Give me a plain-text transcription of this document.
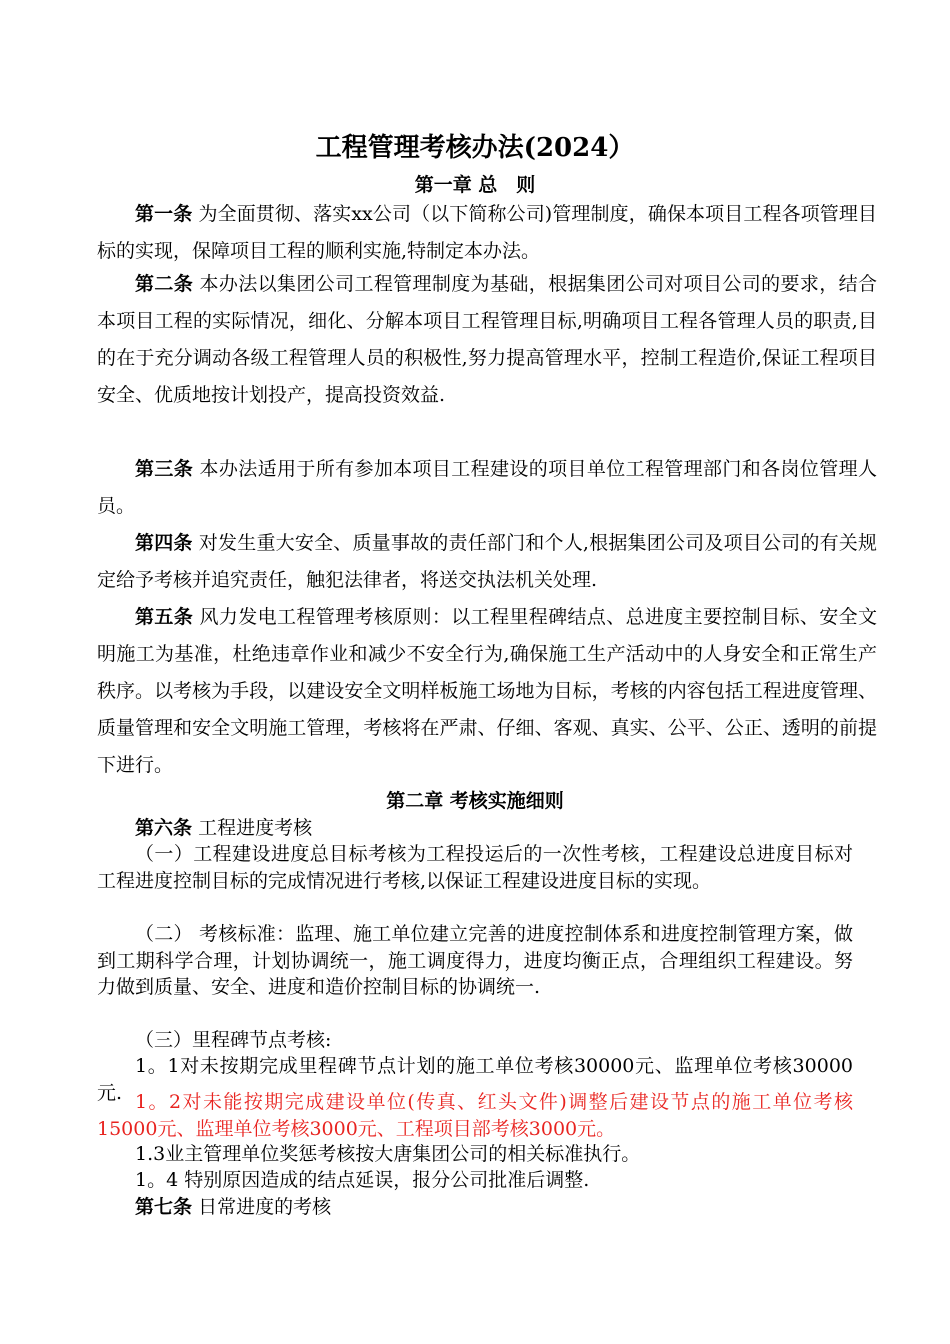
工程管理考核办法(2024）
第一章 总　则
第一条 为全面贯彻、落实xx公司（以下简称公司)管理制度，确保本项目工程各项管理目标的实现，保障项目工程的顺利实施,特制定本办法。
第二条 本办法以集团公司工程管理制度为基础，根据集团公司对项目公司的要求，结合本项目工程的实际情况，细化、分解本项目工程管理目标,明确项目工程各管理人员的职责,目的在于充分调动各级工程管理人员的积极性,努力提高管理水平，控制工程造价,保证工程项目安全、优质地按计划投产，提高投资效益.
第三条 本办法适用于所有参加本项目工程建设的项目单位工程管理部门和各岗位管理人员。
第四条 对发生重大安全、质量事故的责任部门和个人,根据集团公司及项目公司的有关规定给予考核并追究责任，触犯法律者，将送交执法机关处理.
第五条 风力发电工程管理考核原则：以工程里程碑结点、总进度主要控制目标、安全文明施工为基准，杜绝违章作业和减少不安全行为,确保施工生产活动中的人身安全和正常生产秩序。以考核为手段，以建设安全文明样板施工场地为目标，考核的内容包括工程进度管理、质量管理和安全文明施工管理，考核将在严肃、仔细、客观、真实、公平、公正、透明的前提下进行。
第二章 考核实施细则
第六条 工程进度考核
（一）工程建设进度总目标考核为工程投运后的一次性考核，工程建设总进度目标对工程进度控制目标的完成情况进行考核,以保证工程建设进度目标的实现。
（二） 考核标准：监理、施工单位建立完善的进度控制体系和进度控制管理方案，做到工期科学合理，计划协调统一，施工调度得力，进度均衡正点，合理组织工程建设。努力做到质量、安全、进度和造价控制目标的协调统一.
（三）里程碑节点考核:
1。1对未按期完成里程碑节点计划的施工单位考核30000元、监理单位考核30000元. 1。2对未能按期完成建设单位(传真、红头文件)调整后建设节点的施工单位考核15000元、监理单位考核3000元、工程项目部考核3000元。
1.3业主管理单位奖惩考核按大唐集团公司的相关标准执行。
1。4 特别原因造成的结点延误，报分公司批准后调整.
第七条 日常进度的考核
